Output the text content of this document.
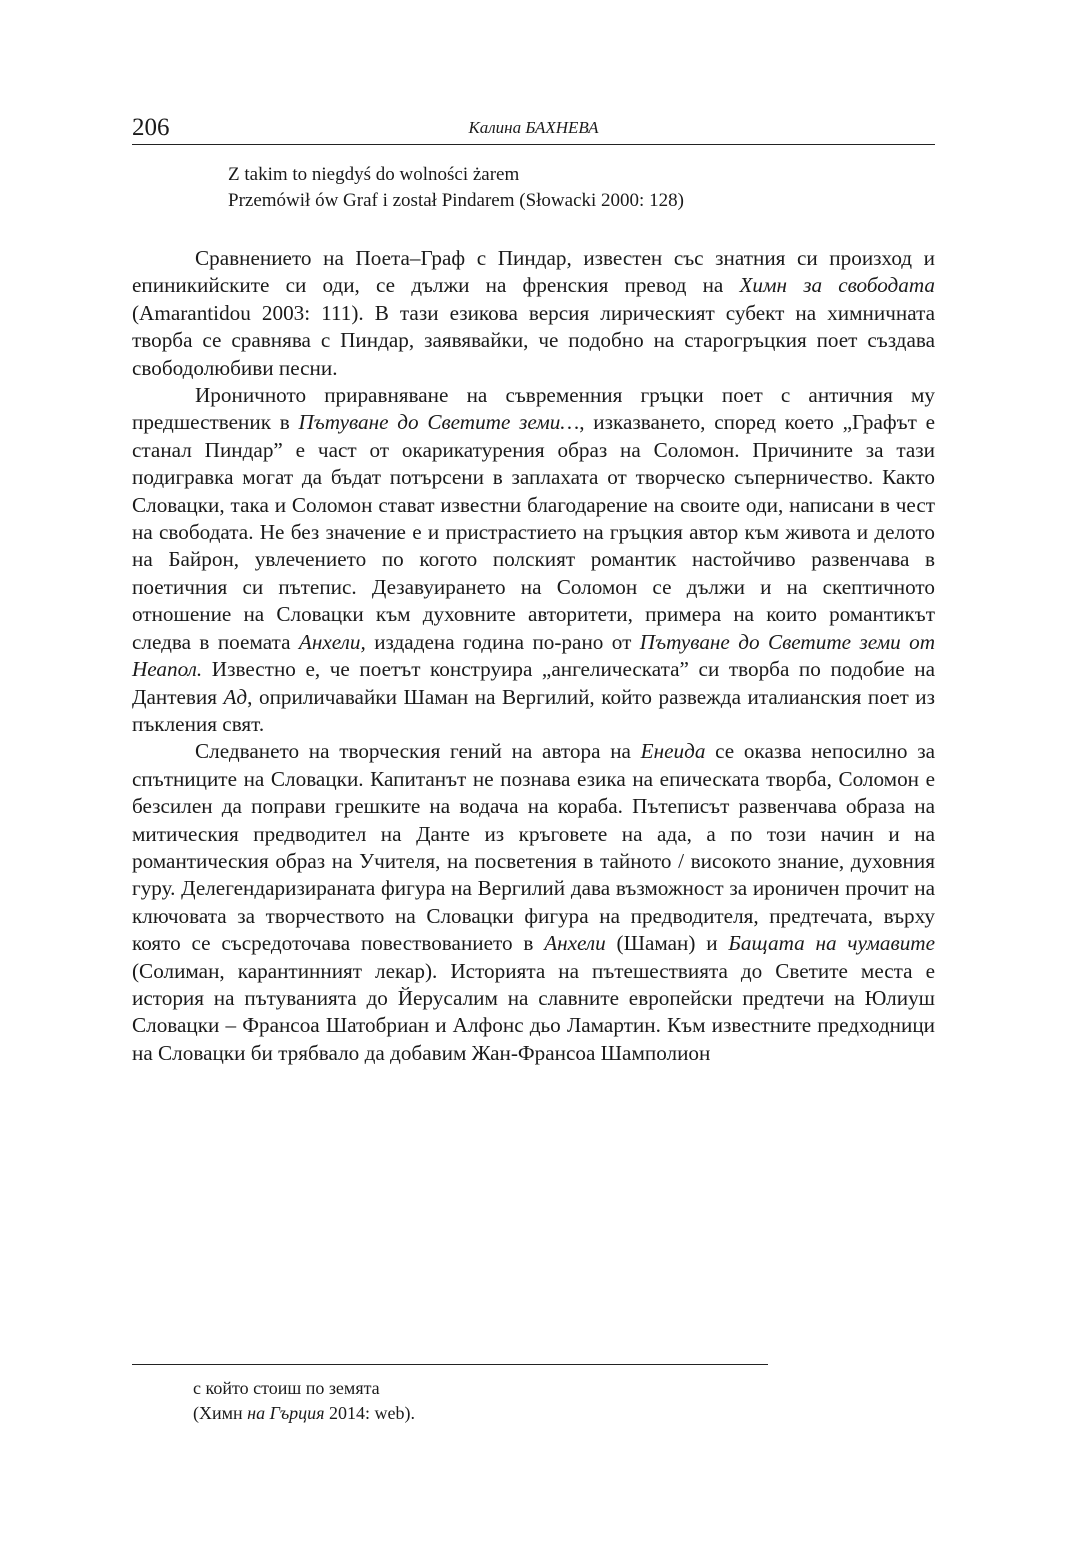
206	Калина БАХНЕВА
Z takim to niegdyś do wolności żarem
Przemówił ów Graf i został Pindarem (Słowacki 2000: 128)

Сравнението на Поета–Граф с Пиндар, известен със знатния си произход и епиникийските си оди, се дължи на френския превод на Химн за свободата (Amarantidou 2003: 111). В тази езикова версия лирическият субект на химничната творба се сравнява с Пиндар, заявявайки, че подобно на старогръцкия поет създава свободолюбиви песни.

Ироничното приравняване на съвременния гръцки поет с античния му предшественик в Пътуване до Светите земи…, изказването, според което „Графът е станал Пиндар” е част от окарикатурения образ на Соломон. Причините за тази подигравка могат да бъдат потърсени в заплахата от творческо съперничество. Както Словацки, така и Соломон стават известни благодарение на своите оди, написани в чест на свободата. Не без значение е и пристрастието на гръцкия автор към живота и делото на Байрон, увлечението по когото полският романтик настойчиво развенчава в поетичния си пътепис. Дезавуирането на Соломон се дължи и на скептичното отношение на Словацки към духовните авторитети, примера на които романтикът следва в поемата Анхели, издадена година по-рано от Пътуване до Светите земи от Неапол. Известно е, че поетът конструира „ангелическата” си творба по подобие на Дантевия Ад, оприличавайки Шаман на Вергилий, който развежда италианския поет из пъкления свят.

Следването на творческия гений на автора на Енеида се оказва непосилно за спътниците на Словацки. Капитанът не познава езика на епическата творба, Соломон е безсилен да поправи грешките на водача на кораба. Пътеписът развенчава образа на митическия предводител на Данте из кръговете на ада, а по този начин и на романтическия образ на Учителя, на посветения в тайното / високото знание, духовния гуру. Делегендаризираната фигура на Вергилий дава възможност за ироничен прочит на ключовата за творчеството на Словацки фигура на предводителя, предтечата, върху която се съсредоточава повествованието в Анхели (Шаман) и Бащата на чумавите (Солиман, карантинният лекар). Историята на пътешествията до Светите места е история на пътуванията до Йерусалим на славните европейски предтечи на Юлиуш Словацки – Франсоа Шатобриан и Алфонс дьо Ламартин. Към известните предходници на Словацки би трябвало да добавим Жан-Франсоа Шамполион

с който стоиш по земята
(Химн на Гърция 2014: web).
